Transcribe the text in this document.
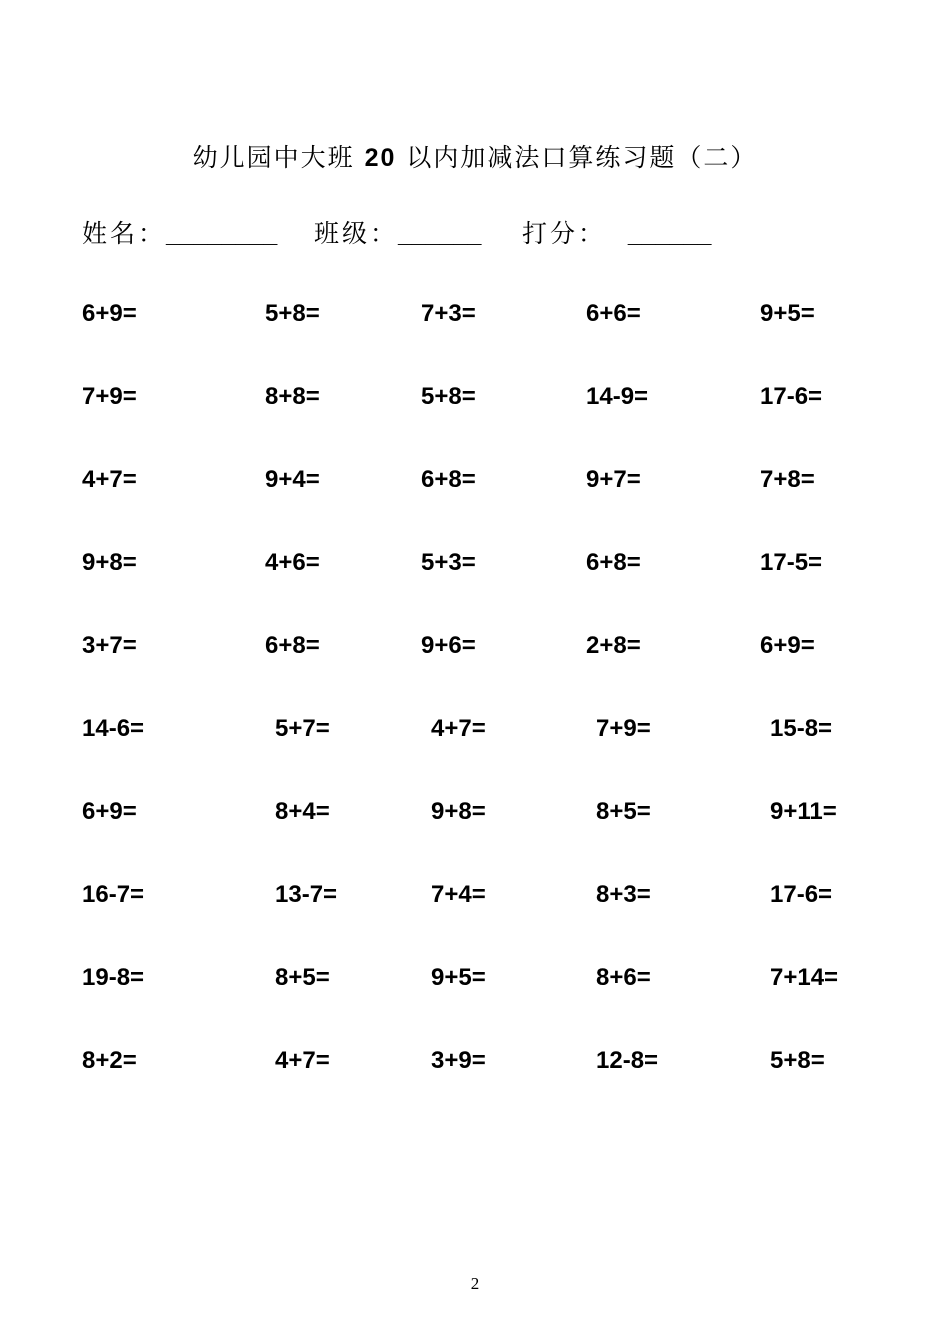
幼儿园中大班 20 以内加减法口算练习题（二）
姓名：________ 班级：______ 打分： ______
6+9=	5+8=	7+3=	6+6=	9+5=
7+9=	8+8=	5+8=	14-9=	17-6=
4+7=	9+4=	6+8=	9+7=	7+8=
9+8=	4+6=	5+3=	6+8=	17-5=
3+7=	6+8=	9+6=	2+8=	6+9=
14-6=	5+7=	4+7=	7+9=	15-8=
6+9=	8+4=	9+8=	8+5=	9+11=
16-7=	13-7=	7+4=	8+3=	17-6=
19-8=	8+5=	9+5=	8+6=	7+14=
8+2=	4+7=	3+9=	12-8=	5+8=
2
